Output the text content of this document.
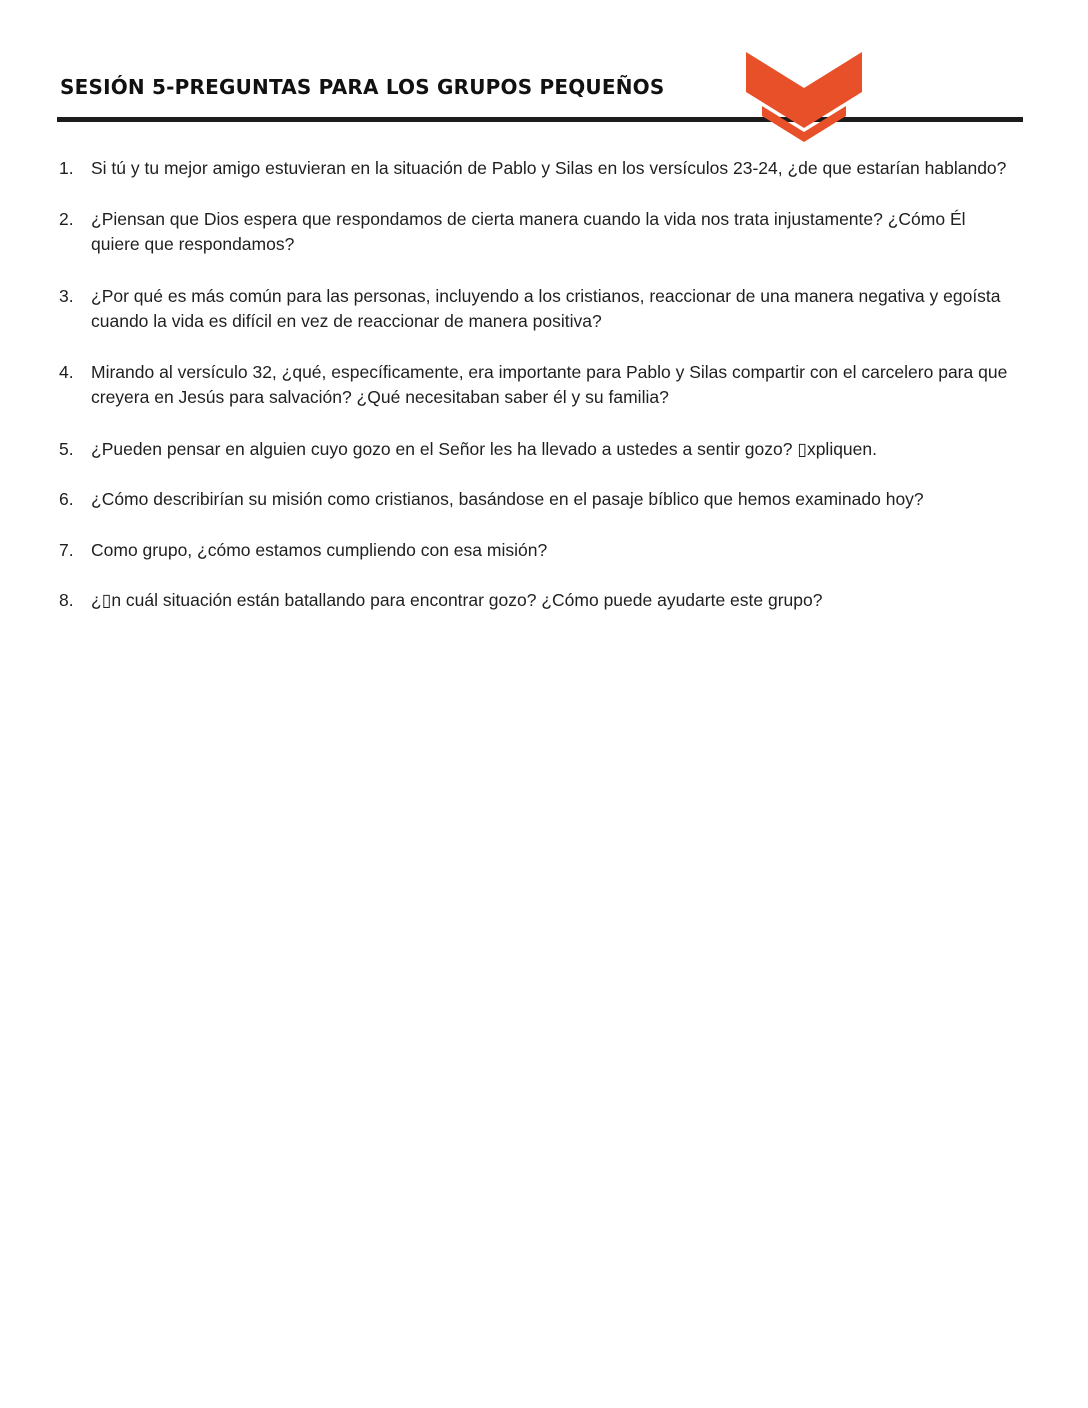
SESIÓN 5-PREGUNTAS PARA LOS GRUPOS PEQUEÑOS
1. Si tú y tu mejor amigo estuvieran en la situación de Pablo y Silas en los versículos 23-24, ¿de que estarían hablando?
2. ¿Piensan que Dios espera que respondamos de cierta manera cuando la vida nos trata injustamente? ¿Cómo Él quiere que respondamos?
3. ¿Por qué es más común para las personas, incluyendo a los cristianos, reaccionar de una manera negativa y egoísta cuando la vida es difícil en vez de reaccionar de manera positiva?
4. Mirando al versículo 32, ¿qué, específicamente, era importante para Pablo y Silas compartir con el carcelero para que creyera en Jesús para salvación? ¿Qué necesitaban saber él y su familia?
5. ¿Pueden pensar en alguien cuyo gozo en el Señor les ha llevado a ustedes a sentir gozo? ▯xpliquen.
6. ¿Cómo describirían su misión como cristianos, basándose en el pasaje bíblico que hemos examinado hoy?
7. Como grupo, ¿cómo estamos cumpliendo con esa misión?
8. ¿▯n cuál situación están batallando para encontrar gozo? ¿Cómo puede ayudarte este grupo?
